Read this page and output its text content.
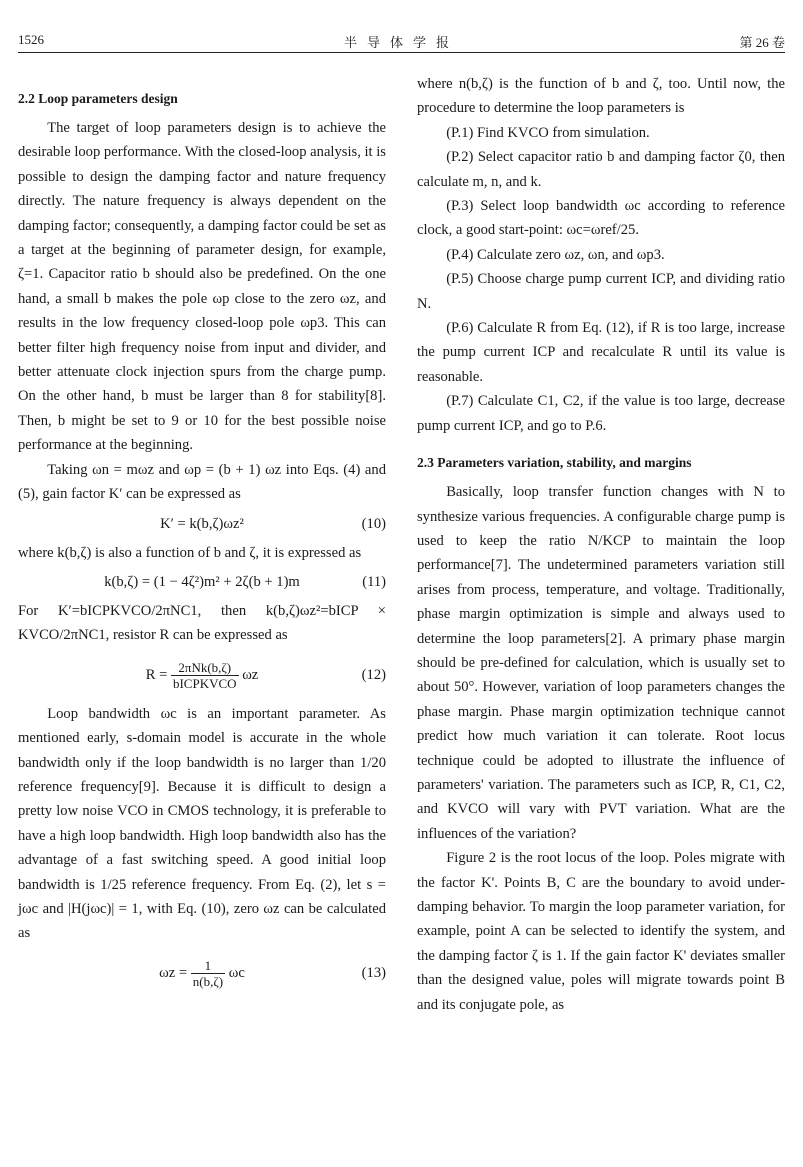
1526	半导体学报	第 26 卷
2.2 Loop parameters design

The target of loop parameters design is to achieve the desirable loop performance. With the closed-loop analysis, it is possible to design the damping factor and nature frequency directly. The nature frequency is always dependent on the damping factor; consequently, a damping factor could be set as a target at the beginning of parameter design, for example, ζ=1. Capacitor ratio b should also be predefined. On the one hand, a small b makes the pole ωp close to the zero ωz, and results in the low frequency closed-loop pole ωp3. This can better filter high frequency noise from input and divider, and better attenuate clock injection spurs from the charge pump. On the other hand, b must be larger than 8 for stability[8]. Then, b might be set to 9 or 10 for the best possible noise performance at the beginning.

Taking ωn = mωz and ωp = (b + 1) ωz into Eqs. (4) and (5), gain factor K′ can be expressed as

K′ = k(b,ζ)ωz²	(10)

where k(b,ζ) is also a function of b and ζ, it is expressed as

k(b,ζ) = (1 − 4ζ²)m² + 2ζ(b + 1)m	(11)

For K′=bICPKVCO/2πNC1, then k(b,ζ)ωz²=bICP × KVCO/2πNC1, resistor R can be expressed as

$R = \frac{\text{2πNk(b,ζ)}}{\text{bICPKVCO}}$ ωz	(12)

Loop bandwidth ωc is an important parameter. As mentioned early, s-domain model is accurate in the whole bandwidth only if the loop bandwidth is no larger than 1/20 reference frequency[9]. Because it is difficult to design a pretty low noise VCO in CMOS technology, it is preferable to have a high loop bandwidth. High loop bandwidth also has the advantage of a fast switching speed. A good initial loop bandwidth is 1/25 reference frequency. From Eq. (2), let s = jωc and |H(jωc)| = 1, with Eq. (10), zero ωz can be calculated as

$\omega z = \frac{1}{n(b,\zeta)}$ ωc	(13)

where n(b,ζ) is the function of b and ζ, too. Until now, the procedure to determine the loop parameters is

(P.1) Find KVCO from simulation.

(P.2) Select capacitor ratio b and damping factor ζ0, then calculate m, n, and k.

(P.3) Select loop bandwidth ωc according to reference clock, a good start-point: ωc=ωref/25.

(P.4) Calculate zero ωz, ωn, and ωp3.

(P.5) Choose charge pump current ICP, and dividing ratio N.

(P.6) Calculate R from Eq. (12), if R is too large, increase the pump current ICP and recalculate R until its value is reasonable.

(P.7) Calculate C1, C2, if the value is too large, decrease pump current ICP, and go to P.6.

2.3 Parameters variation, stability, and margins

Basically, loop transfer function changes with N to synthesize various frequencies. A configurable charge pump is used to keep the ratio N/KCP to maintain the loop performance[7]. The undetermined parameters variation still arises from process, temperature, and voltage. Traditionally, phase margin optimization is simple and always used to determine the loop parameters[2]. A primary phase margin should be pre-defined for calculation, which is usually set to about 50°. However, variation of loop parameters changes the phase margin. Phase margin optimization technique cannot predict how much variation it can tolerate. Root locus technique could be adopted to illustrate the influence of parameters' variation. The parameters such as ICP, R, C1, C2, and KVCO will vary with PVT variation. What are the influences of the variation?

Figure 2 is the root locus of the loop. Poles migrate with the factor K'. Points B, C are the boundary to avoid under-damping behavior. To margin the loop parameter variation, for example, point A can be selected to identify the system, and the damping factor ζ is 1. If the gain factor K' deviates smaller than the designed value, poles will migrate towards point B and its conjugate pole, as
